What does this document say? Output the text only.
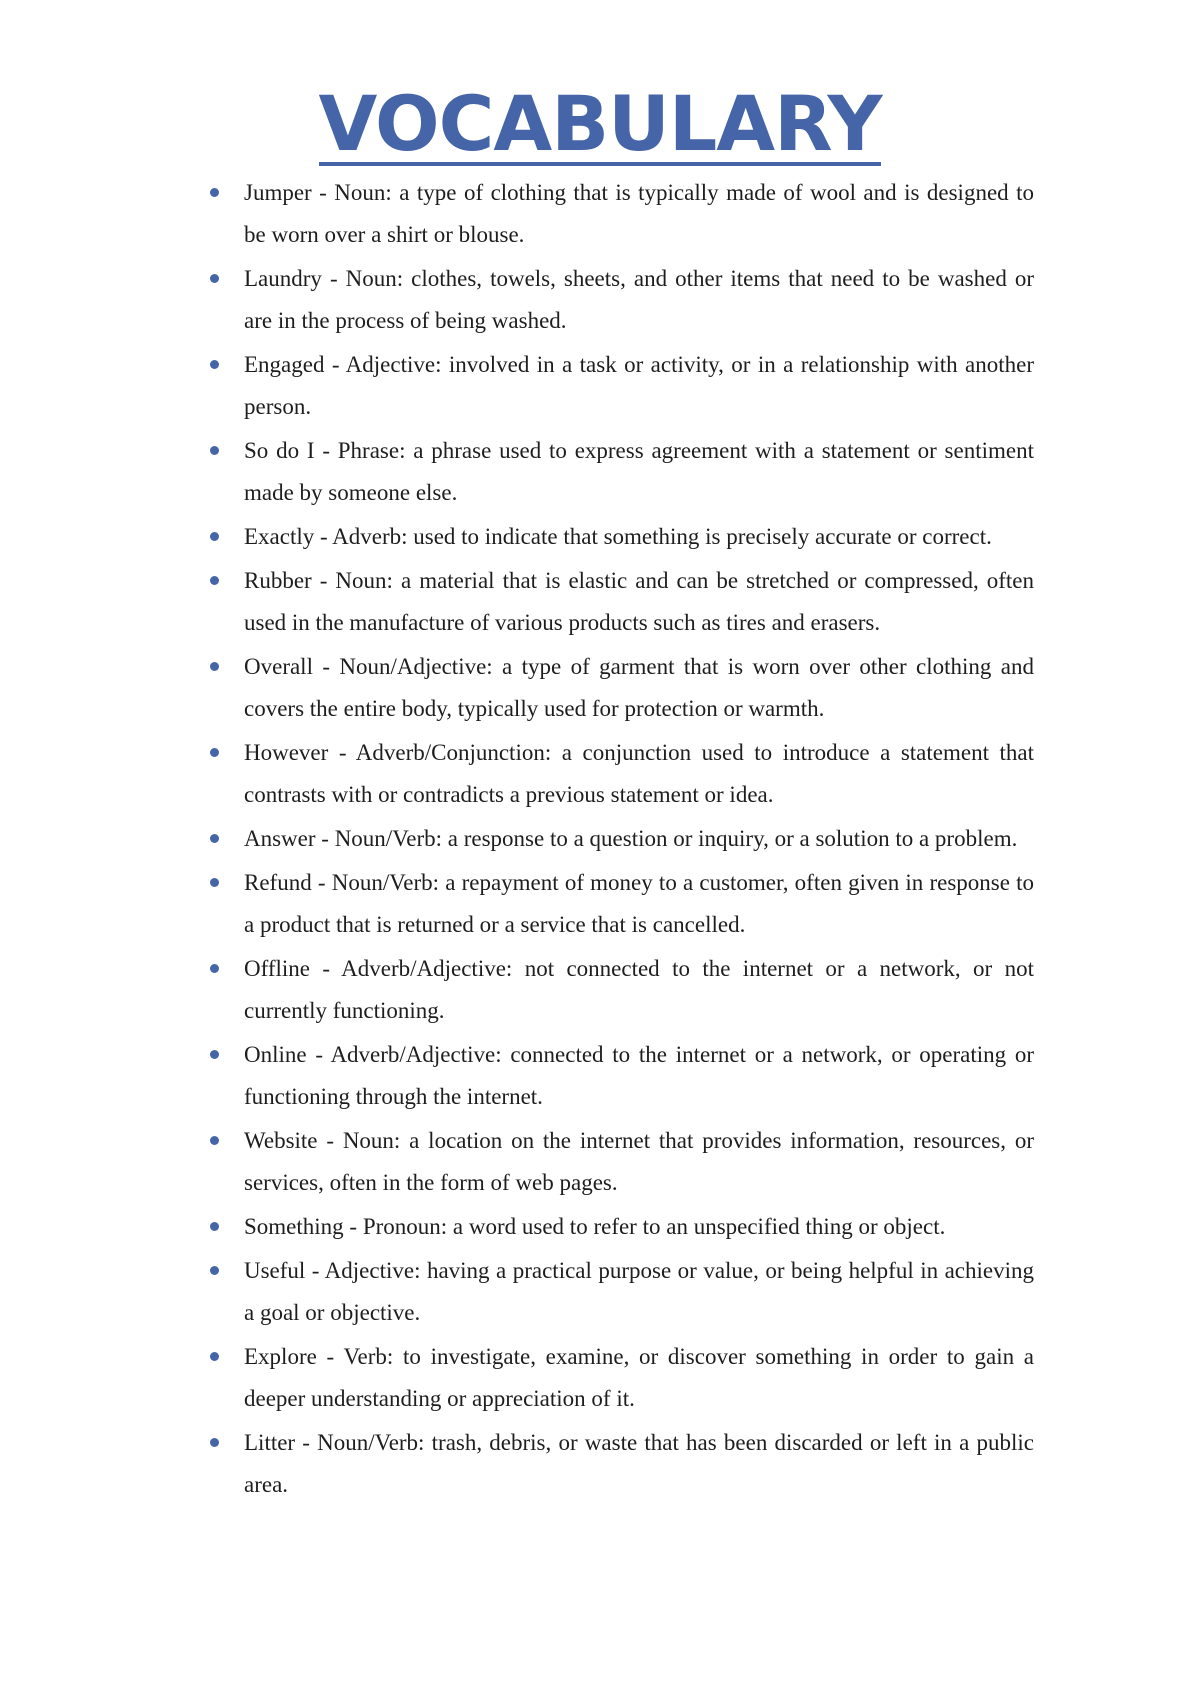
VOCABULARY
Jumper - Noun: a type of clothing that is typically made of wool and is designed to be worn over a shirt or blouse.
Laundry - Noun: clothes, towels, sheets, and other items that need to be washed or are in the process of being washed.
Engaged - Adjective: involved in a task or activity, or in a relationship with another person.
So do I - Phrase: a phrase used to express agreement with a statement or sentiment made by someone else.
Exactly - Adverb: used to indicate that something is precisely accurate or correct.
Rubber - Noun: a material that is elastic and can be stretched or compressed, often used in the manufacture of various products such as tires and erasers.
Overall - Noun/Adjective: a type of garment that is worn over other clothing and covers the entire body, typically used for protection or warmth.
However - Adverb/Conjunction: a conjunction used to introduce a statement that contrasts with or contradicts a previous statement or idea.
Answer - Noun/Verb: a response to a question or inquiry, or a solution to a problem.
Refund - Noun/Verb: a repayment of money to a customer, often given in response to a product that is returned or a service that is cancelled.
Offline - Adverb/Adjective: not connected to the internet or a network, or not currently functioning.
Online - Adverb/Adjective: connected to the internet or a network, or operating or functioning through the internet.
Website - Noun: a location on the internet that provides information, resources, or services, often in the form of web pages.
Something - Pronoun: a word used to refer to an unspecified thing or object.
Useful - Adjective: having a practical purpose or value, or being helpful in achieving a goal or objective.
Explore - Verb: to investigate, examine, or discover something in order to gain a deeper understanding or appreciation of it.
Litter - Noun/Verb: trash, debris, or waste that has been discarded or left in a public area.
